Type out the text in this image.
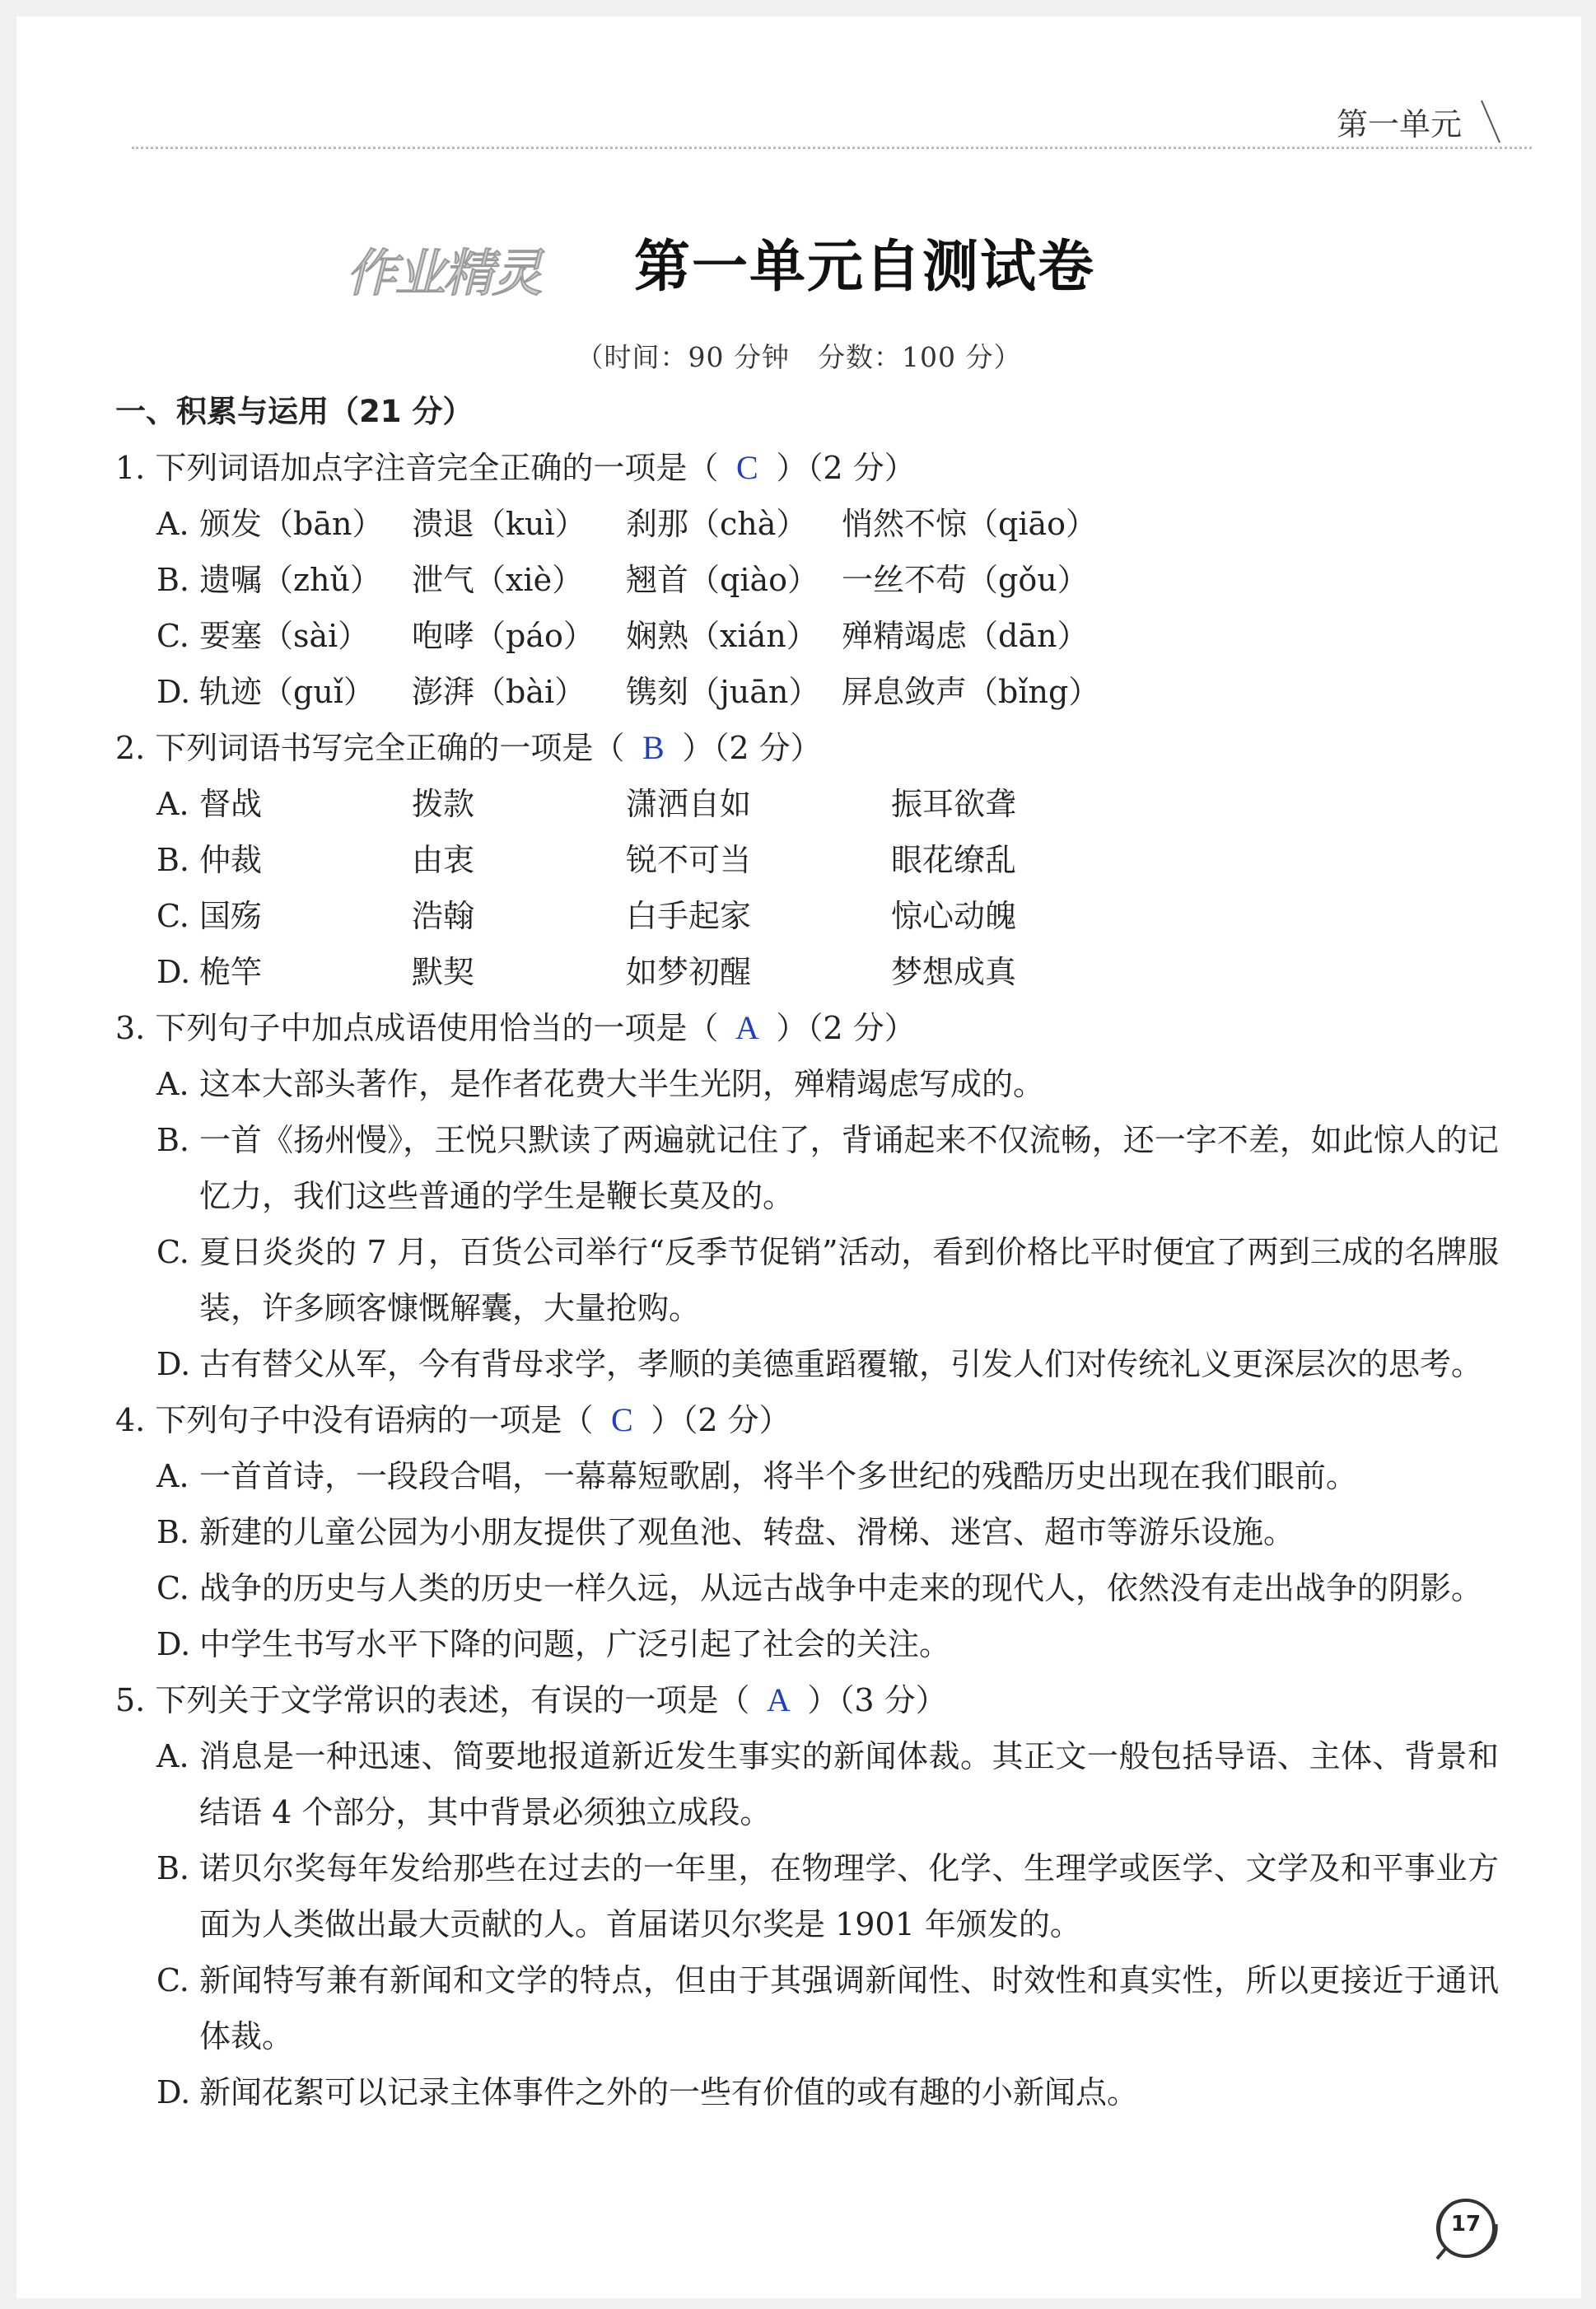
第一单元
作业精灵	第一单元自测试卷
（时间：90 分钟　分数：100 分）

一、积累与运用（21 分）

1. 下列词语加点字注音完全正确的一项是（ C ）（2 分）

A. 颁发（bān） 溃退（kuì）	刹那（chà）	悄然不惊（qiāo）
B. 遗嘱（zhǔ） 泄气（xiè）	翘首（qiào） 一丝不苟（gǒu）
C. 要塞（sài）	咆哮（páo）	娴熟（xián） 殚精竭虑（dān）
D. 轨迹（guǐ）	澎湃（bài）	镌刻（juān） 屏息敛声（bǐng）

2. 下列词语书写完全正确的一项是（ B ）（2 分）

A. 督战	拨款	潇洒自如	振耳欲聋
B. 仲裁	由衷	锐不可当	眼花缭乱
C. 国殇	浩翰	白手起家	惊心动魄
D. 桅竿	默契	如梦初醒	梦想成真

3. 下列句子中加点成语使用恰当的一项是（ A ）（2 分）

A. 这本大部头著作，是作者花费大半生光阴，殚精竭虑写成的。
B. 一首《扬州慢》，王悦只默读了两遍就记住了，背诵起来不仅流畅，还一字不差，如此惊人的记忆力，我们这些普通的学生是鞭长莫及的。
C. 夏日炎炎的 7 月，百货公司举行“反季节促销”活动，看到价格比平时便宜了两到三成的名牌服装，许多顾客慷慨解囊，大量抢购。
D. 古有替父从军，今有背母求学，孝顺的美德重蹈覆辙，引发人们对传统礼义更深层次的思考。

4. 下列句子中没有语病的一项是（ C ）（2 分）

A. 一首首诗，一段段合唱，一幕幕短歌剧，将半个多世纪的残酷历史出现在我们眼前。
B. 新建的儿童公园为小朋友提供了观鱼池、转盘、滑梯、迷宫、超市等游乐设施。
C. 战争的历史与人类的历史一样久远，从远古战争中走来的现代人，依然没有走出战争的阴影。
D. 中学生书写水平下降的问题，广泛引起了社会的关注。

5. 下列关于文学常识的表述，有误的一项是（ A ）（3 分）

A. 消息是一种迅速、简要地报道新近发生事实的新闻体裁。其正文一般包括导语、主体、背景和结语 4 个部分，其中背景必须独立成段。
B. 诺贝尔奖每年发给那些在过去的一年里，在物理学、化学、生理学或医学、文学及和平事业方面为人类做出最大贡献的人。首届诺贝尔奖是 1901 年颁发的。
C. 新闻特写兼有新闻和文学的特点，但由于其强调新闻性、时效性和真实性，所以更接近于通讯体裁。
D. 新闻花絮可以记录主体事件之外的一些有价值的或有趣的小新闻点。
17
